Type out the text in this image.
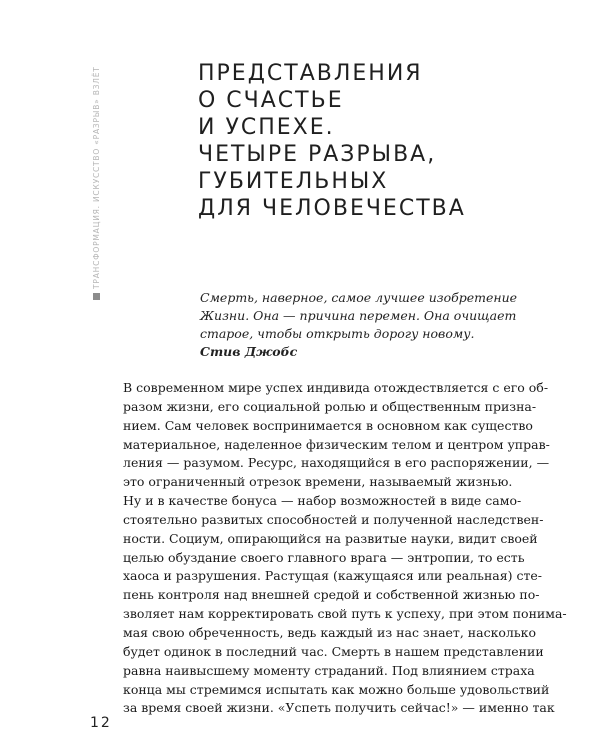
ТРАНСФОРМАЦИЯ. ИСКУССТВО «РАЗРЫВ» ВЗЛЁТ	ПРЕДСТАВЛЕНИЯ
О СЧАСТЬЕ
И УСПЕХЕ.
ЧЕТЫРЕ РАЗРЫВА,
ГУБИТЕЛЬНЫХ
ДЛЯ ЧЕЛОВЕЧЕСТВА
Смерть, наверное, самое лучшее изобретение
Жизни. Она — причина перемен. Она очищает
старое, чтобы открыть дорогу новому.
Стив Джобс
В современном мире успех индивида отождествляется с его об-
разом жизни, его социальной ролью и общественным призна-
нием. Сам человек воспринимается в основном как существо
материальное, наделенное физическим телом и центром управ-
ления — разумом. Ресурс, находящийся в его распоряжении, —
это ограниченный отрезок времени, называемый жизнью.
Ну и в качестве бонуса — набор возможностей в виде само-
стоятельно развитых способностей и полученной наследствен-
ности. Социум, опирающийся на развитые науки, видит своей
целью обуздание своего главного врага — энтропии, то есть
хаоса и разрушения. Растущая (кажущаяся или реальная) сте-
пень контроля над внешней средой и собственной жизнью по-
зволяет нам корректировать свой путь к успеху, при этом понима-
мая свою обреченность, ведь каждый из нас знает, насколько
будет одинок в последний час. Смерть в нашем представлении
равна наивысшему моменту страданий. Под влиянием страха
конца мы стремимся испытать как можно больше удовольствий
за время своей жизни. «Успеть получить сейчас!» — именно так
12
